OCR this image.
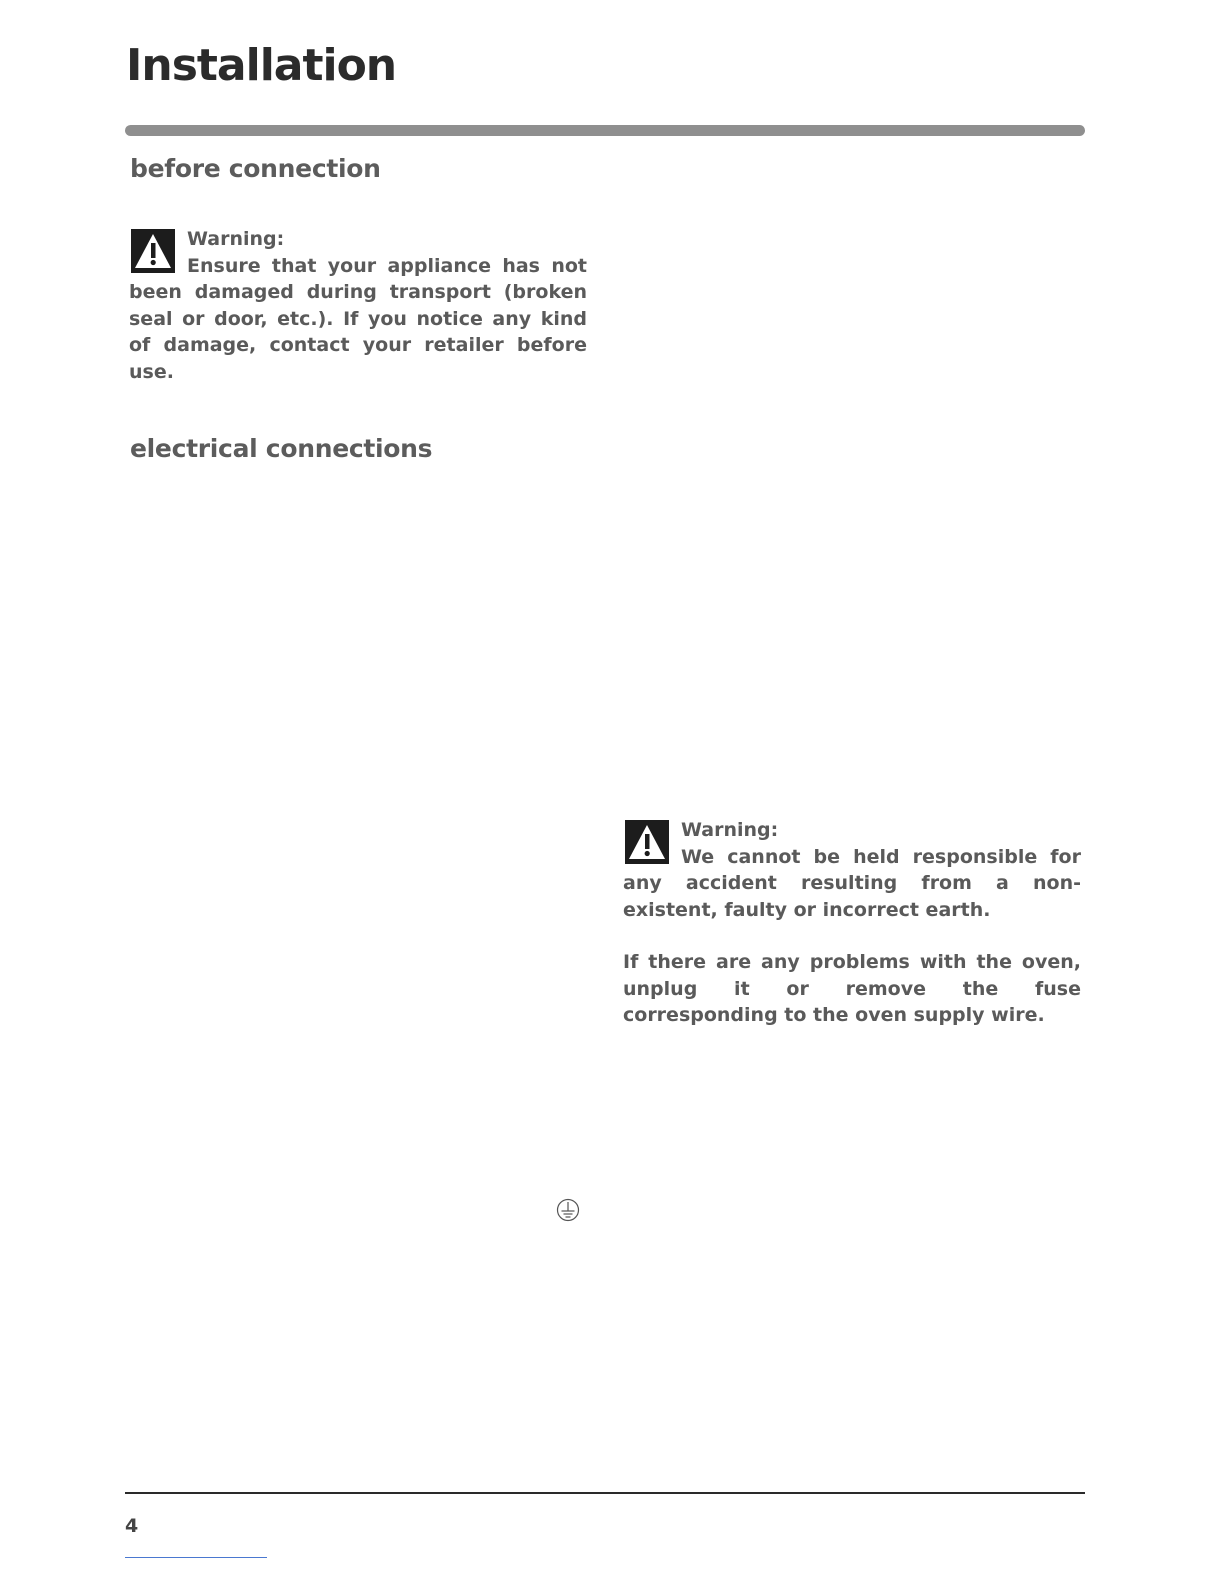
Installation
before connection
Warning:

Ensure that your appliance has not been damaged during transport (broken seal or door, etc.). If you notice any kind of damage, contact your retailer before use.

electrical connections
Warning:

We cannot be held responsible for any accident resulting from a non-existent, faulty or incorrect earth.

If there are any problems with the oven, unplug it or remove the fuse corresponding to the oven supply wire.

4
